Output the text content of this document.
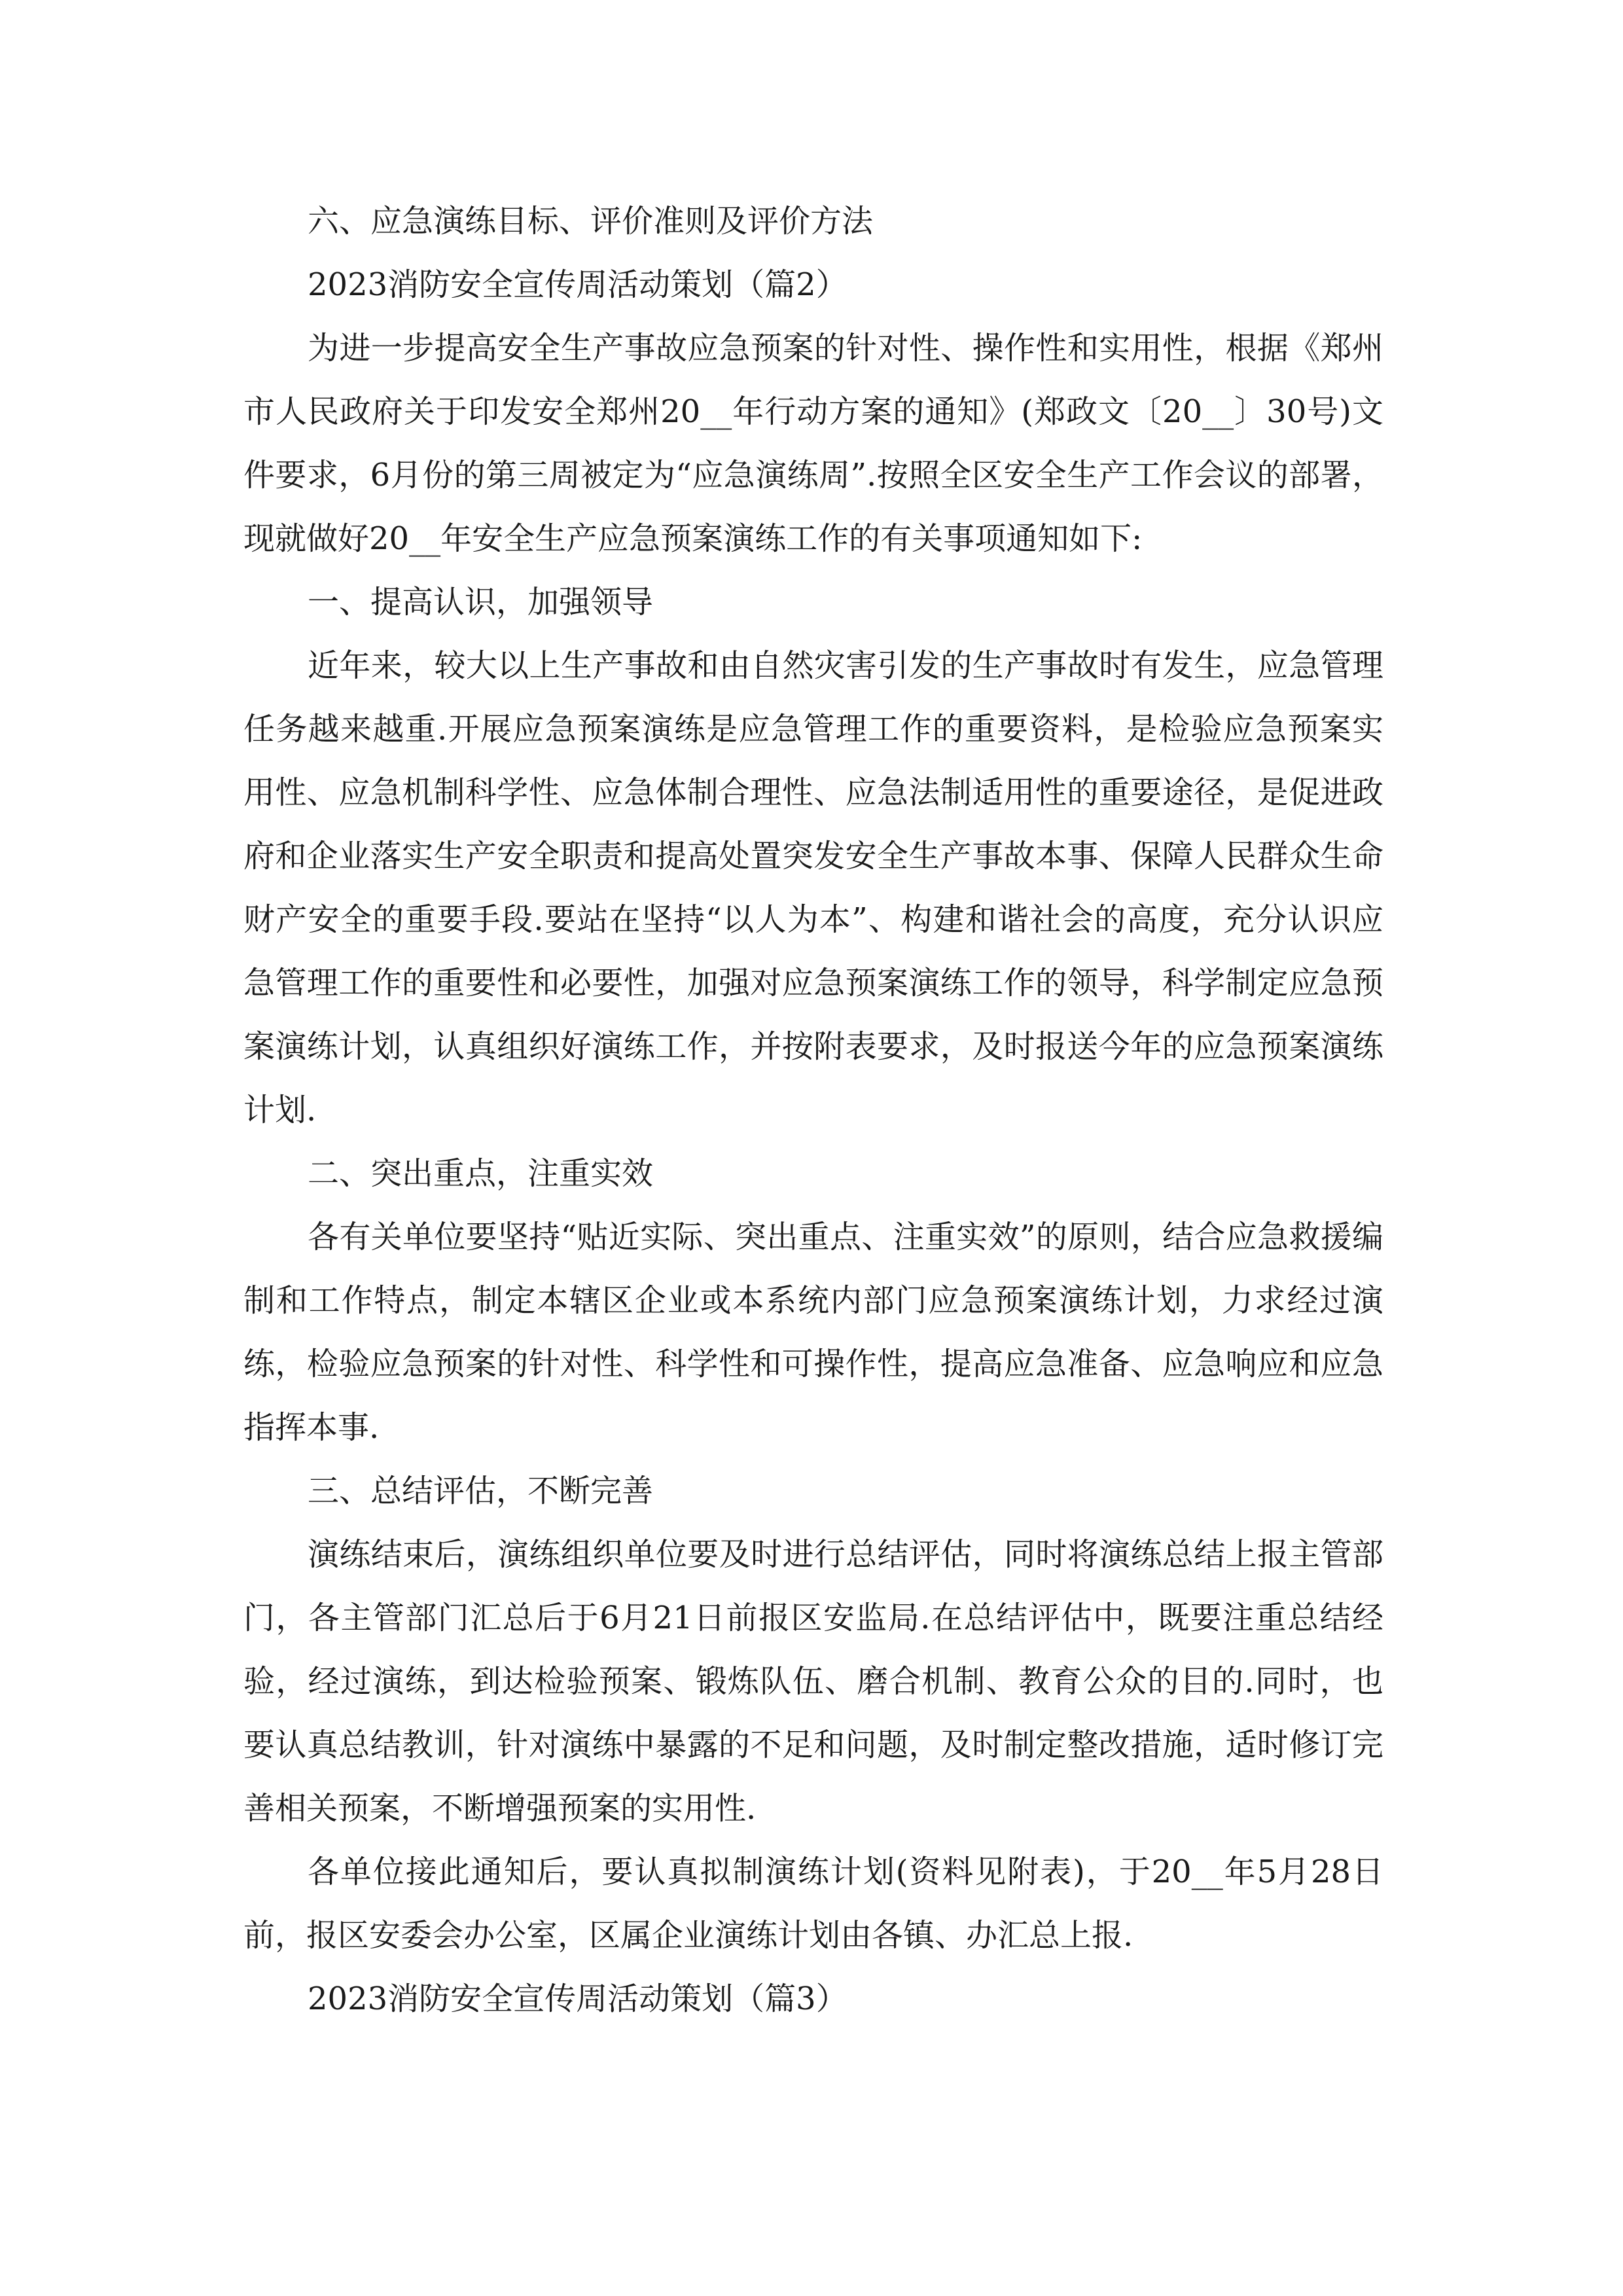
六、应急演练目标、评价准则及评价方法

2023消防安全宣传周活动策划（篇2）

为进一步提高安全生产事故应急预案的针对性、操作性和实用性，根据《郑州市人民政府关于印发安全郑州20__年行动方案的通知》(郑政文〔20__〕30号)文件要求，6月份的第三周被定为“应急演练周”.按照全区安全生产工作会议的部署，现就做好20__年安全生产应急预案演练工作的有关事项通知如下:

一、提高认识，加强领导

近年来，较大以上生产事故和由自然灾害引发的生产事故时有发生，应急管理任务越来越重.开展应急预案演练是应急管理工作的重要资料，是检验应急预案实用性、应急机制科学性、应急体制合理性、应急法制适用性的重要途径，是促进政府和企业落实生产安全职责和提高处置突发安全生产事故本事、保障人民群众生命财产安全的重要手段.要站在坚持“以人为本”、构建和谐社会的高度，充分认识应急管理工作的重要性和必要性，加强对应急预案演练工作的领导，科学制定应急预案演练计划，认真组织好演练工作，并按附表要求，及时报送今年的应急预案演练计划.

二、突出重点，注重实效

各有关单位要坚持“贴近实际、突出重点、注重实效”的原则，结合应急救援编制和工作特点，制定本辖区企业或本系统内部门应急预案演练计划，力求经过演练，检验应急预案的针对性、科学性和可操作性，提高应急准备、应急响应和应急指挥本事.

三、总结评估，不断完善

演练结束后，演练组织单位要及时进行总结评估，同时将演练总结上报主管部门，各主管部门汇总后于6月21日前报区安监局.在总结评估中，既要注重总结经验，经过演练，到达检验预案、锻炼队伍、磨合机制、教育公众的目的.同时，也要认真总结教训，针对演练中暴露的不足和问题，及时制定整改措施，适时修订完善相关预案，不断增强预案的实用性.

各单位接此通知后，要认真拟制演练计划(资料见附表)，于20__年5月28日前，报区安委会办公室，区属企业演练计划由各镇、办汇总上报.

2023消防安全宣传周活动策划（篇3）
